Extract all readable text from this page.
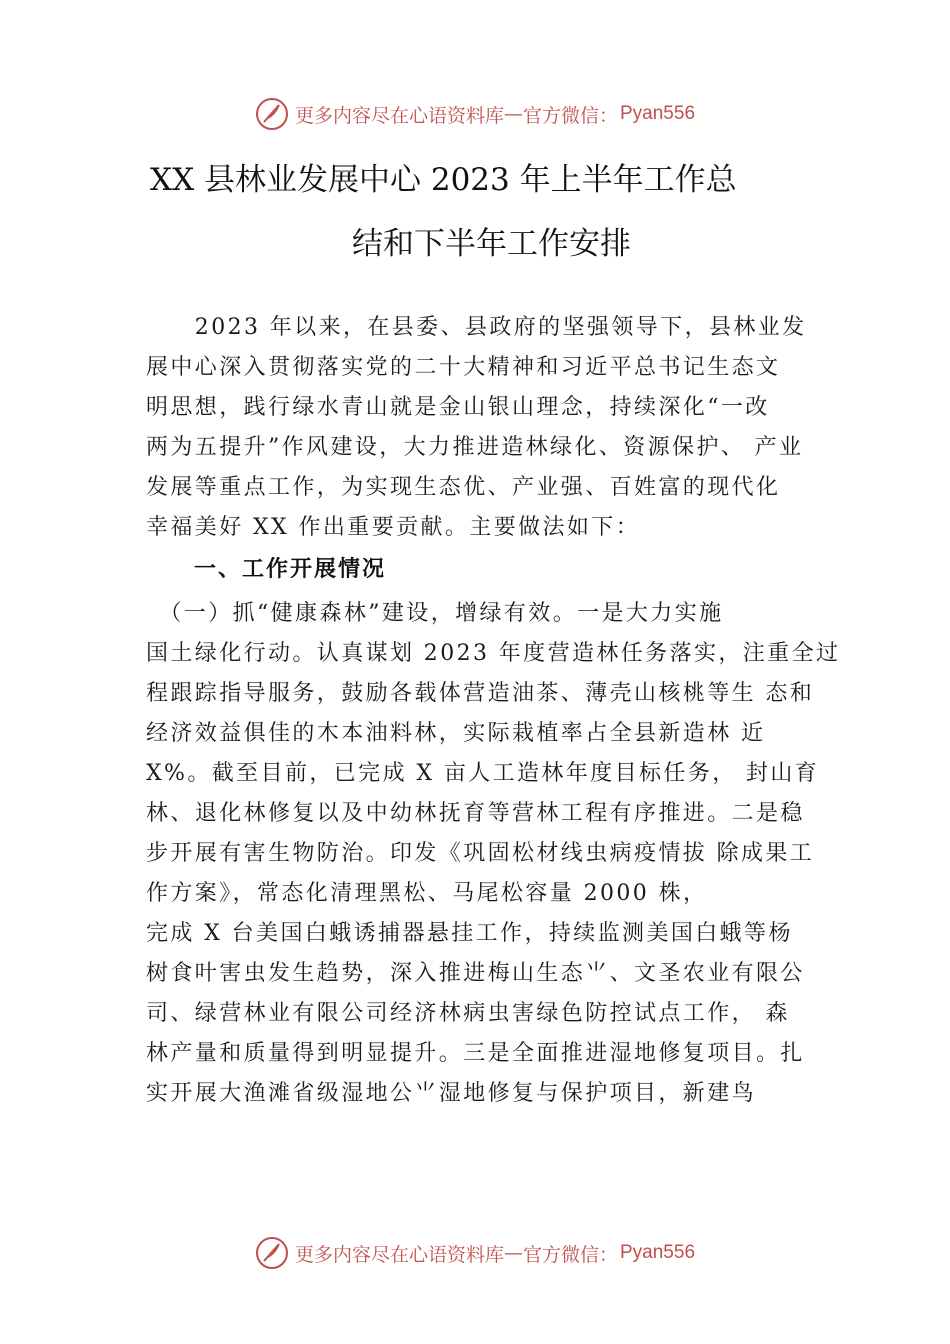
更多内容尽在心语资料库 — 官方微信： Pyan556
XX 县林业发展中心 2023 年上半年工作总
结和下半年工作安排
　　2023 年以来，在县委、县政府的坚强领导下，县林业发
展中心深入贯彻落实党的二十大精神和习近平总书记生态文
明思想，践行绿水青山就是金山银山理念，持续深化“一改
两为五提升”作风建设，大力推进造林绿化、资源保护、 产业
发展等重点工作，为实现生态优、产业强、百姓富的现代化
幸福美好 XX 作出重要贡献。主要做法如下：
一、工作开展情况
　（一）抓“健康森林”建设，增绿有效。一是大力实施
国土绿化行动。认真谋划 2023 年度营造林任务落实，注重全过
程跟踪指导服务，鼓励各载体营造油茶、薄壳山核桃等生 态和
经济效益俱佳的木本油料林，实际栽植率占全县新造林 近
X%。截至目前，已完成 X 亩人工造林年度目标任务， 封山育
林、退化林修复以及中幼林抚育等营林工程有序推进。二是稳
步开展有害生物防治。印发《巩固松材线虫病疫情拔 除成果工
作方案》，常态化清理黑松、马尾松容量 2000 株，
完成 X 台美国白蛾诱捕器悬挂工作，持续监测美国白蛾等杨
树食叶害虫发生趋势，深入推进梅山生态⺌、文圣农业有限公
司、绿营林业有限公司经济林病虫害绿色防控试点工作， 森
林产量和质量得到明显提升。三是全面推进湿地修复项目。扎
实开展大渔滩省级湿地公⺌湿地修复与保护项目，新建鸟
更多内容尽在心语资料库 — 官方微信： Pyan556
